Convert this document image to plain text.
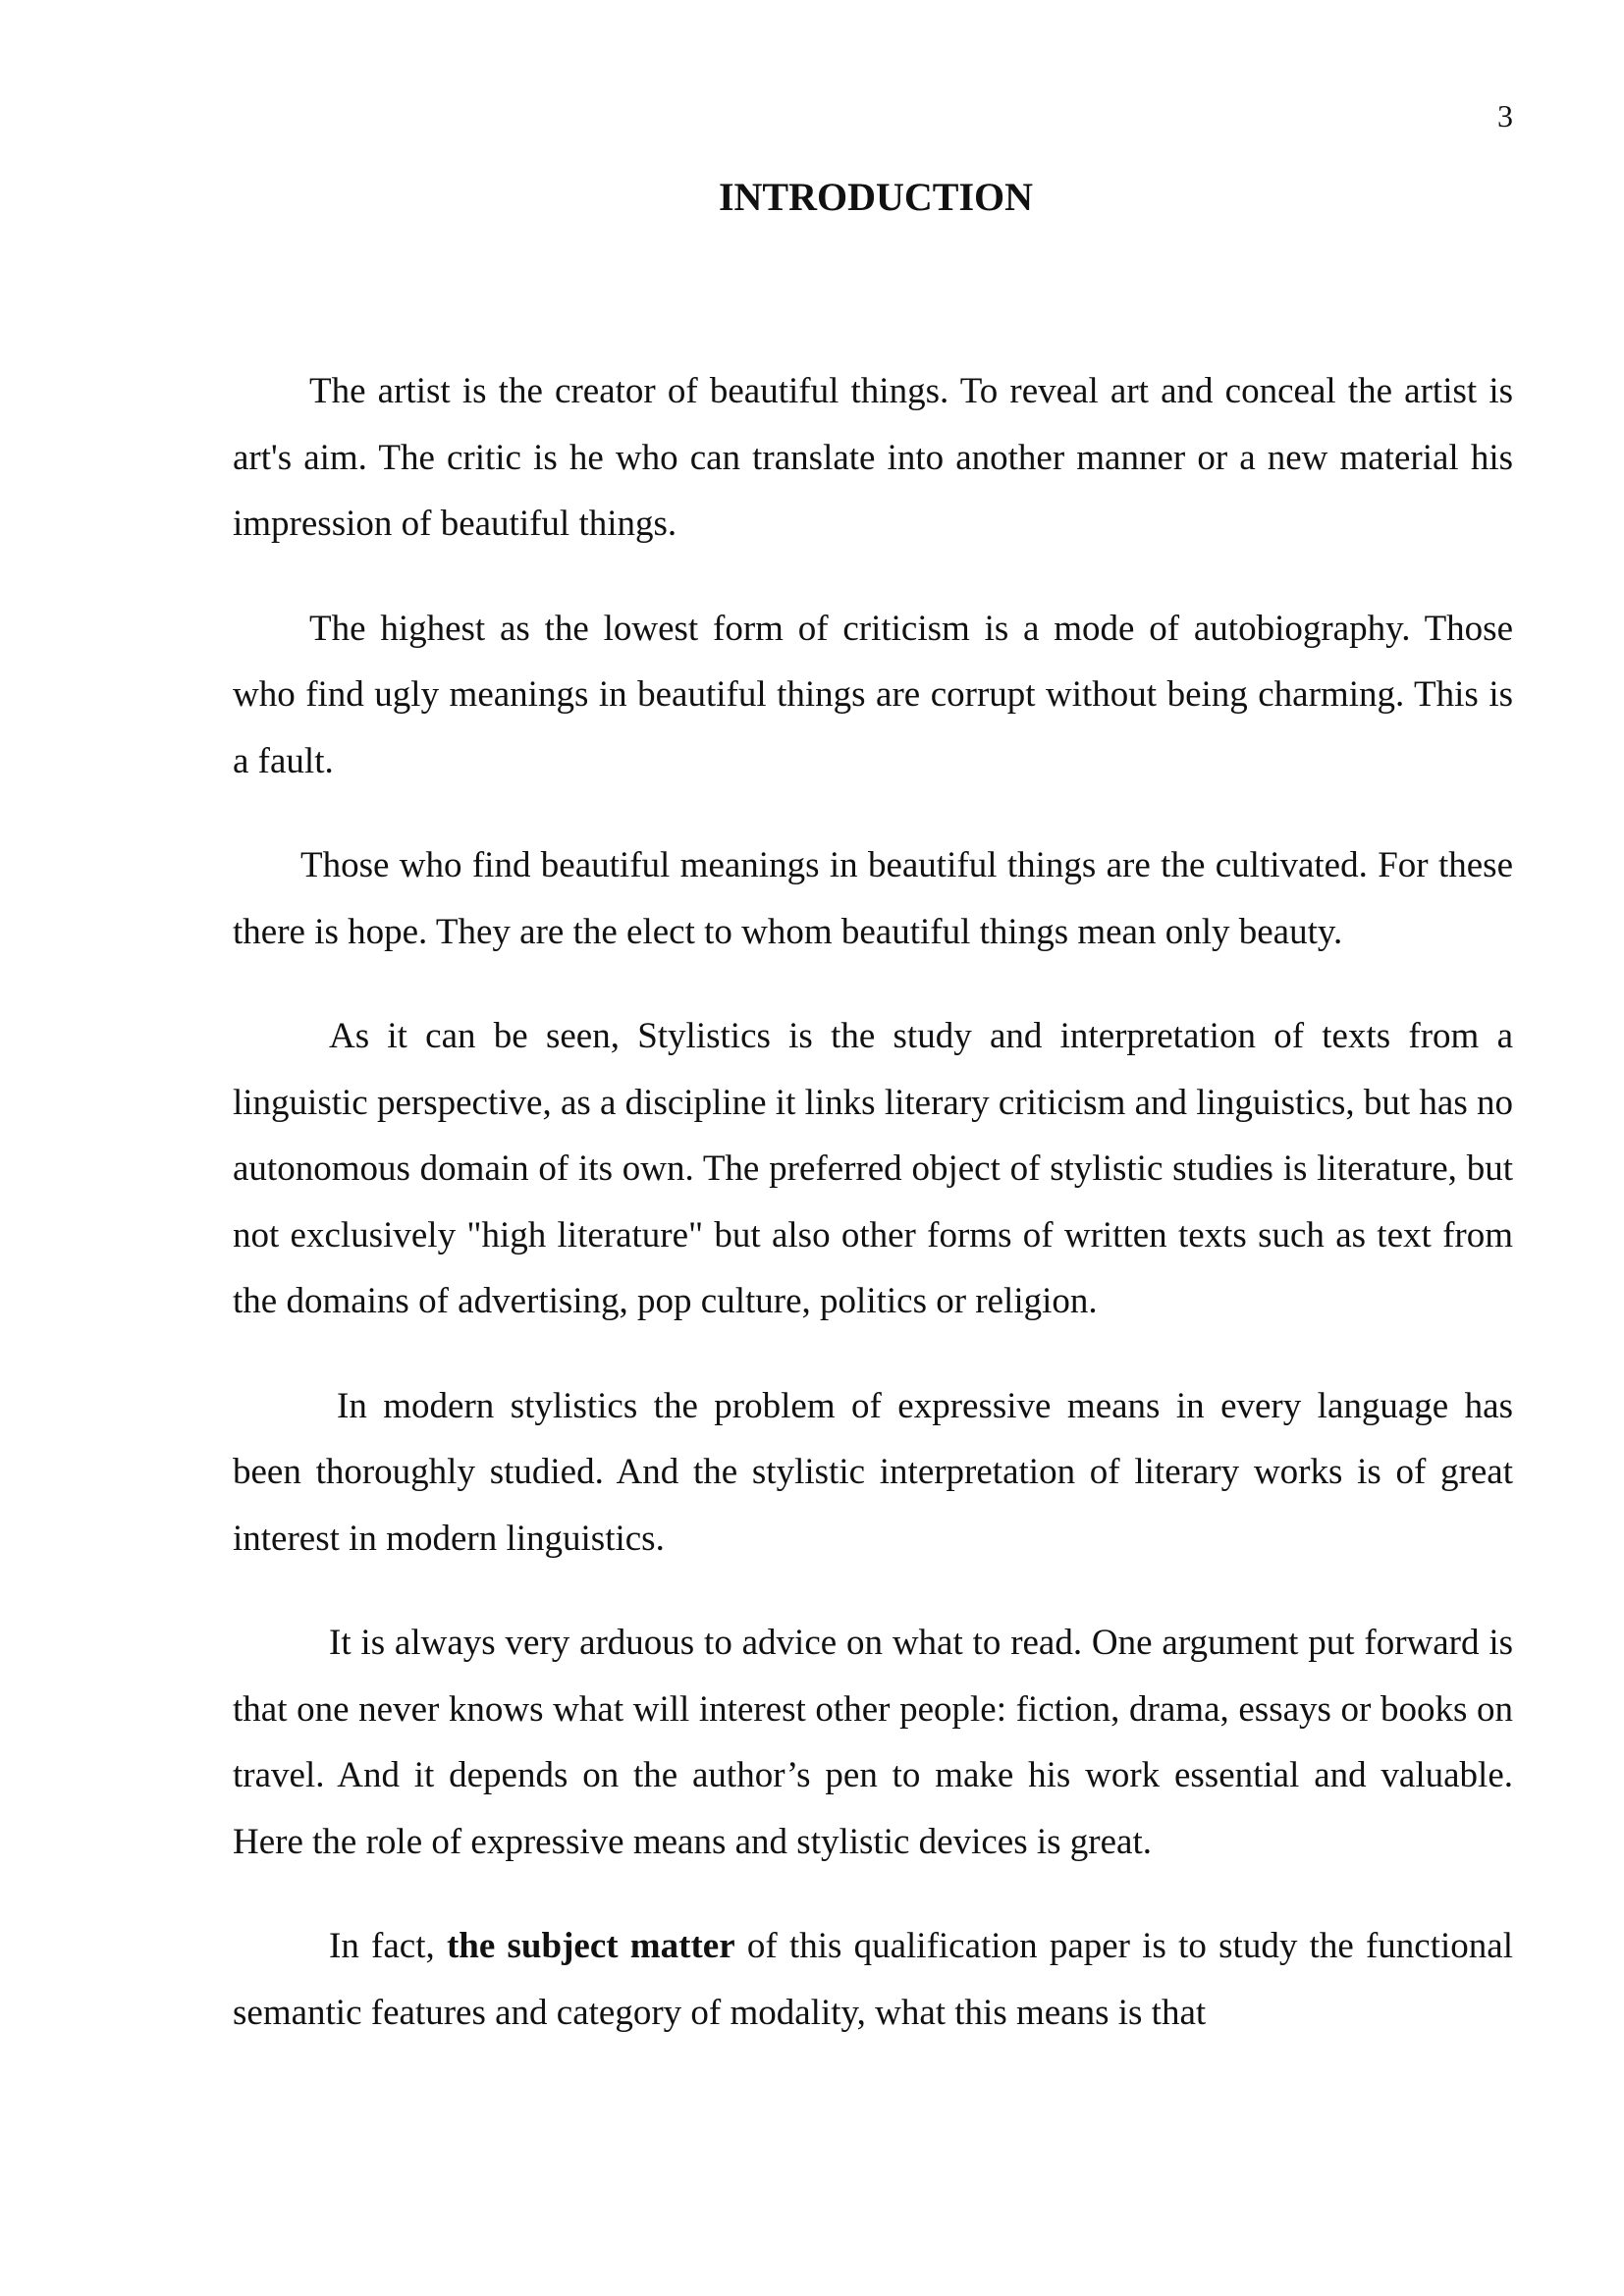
3
INTRODUCTION

The artist is the creator of beautiful things. To reveal art and conceal the artist is art's aim. The critic is he who can translate into another manner or a new material his impression of beautiful things.

The highest as the lowest form of criticism is a mode of autobiography. Those who find ugly meanings in beautiful things are corrupt without being charming. This is a fault.

Those who find beautiful meanings in beautiful things are the cultivated. For these there is hope. They are the elect to whom beautiful things mean only beauty.

As it can be seen, Stylistics is the study and interpretation of texts from a linguistic perspective, as a discipline it links literary criticism and linguistics, but has no autonomous domain of its own. The preferred object of stylistic studies is literature, but not exclusively "high literature" but also other forms of written texts such as text from the domains of advertising, pop culture, politics or religion.

In modern stylistics the problem of expressive means in every language has been thoroughly studied. And the stylistic interpretation of literary works is of great interest in modern linguistics.

It is always very arduous to advice on what to read. One argument put forward is that one never knows what will interest other people: fiction, drama, essays or books on travel. And it depends on the author’s pen to make his work essential and valuable. Here the role of expressive means and stylistic devices is great.

In fact, the subject matter of this qualification paper is to study the functional semantic features and category of modality, what this means is that
